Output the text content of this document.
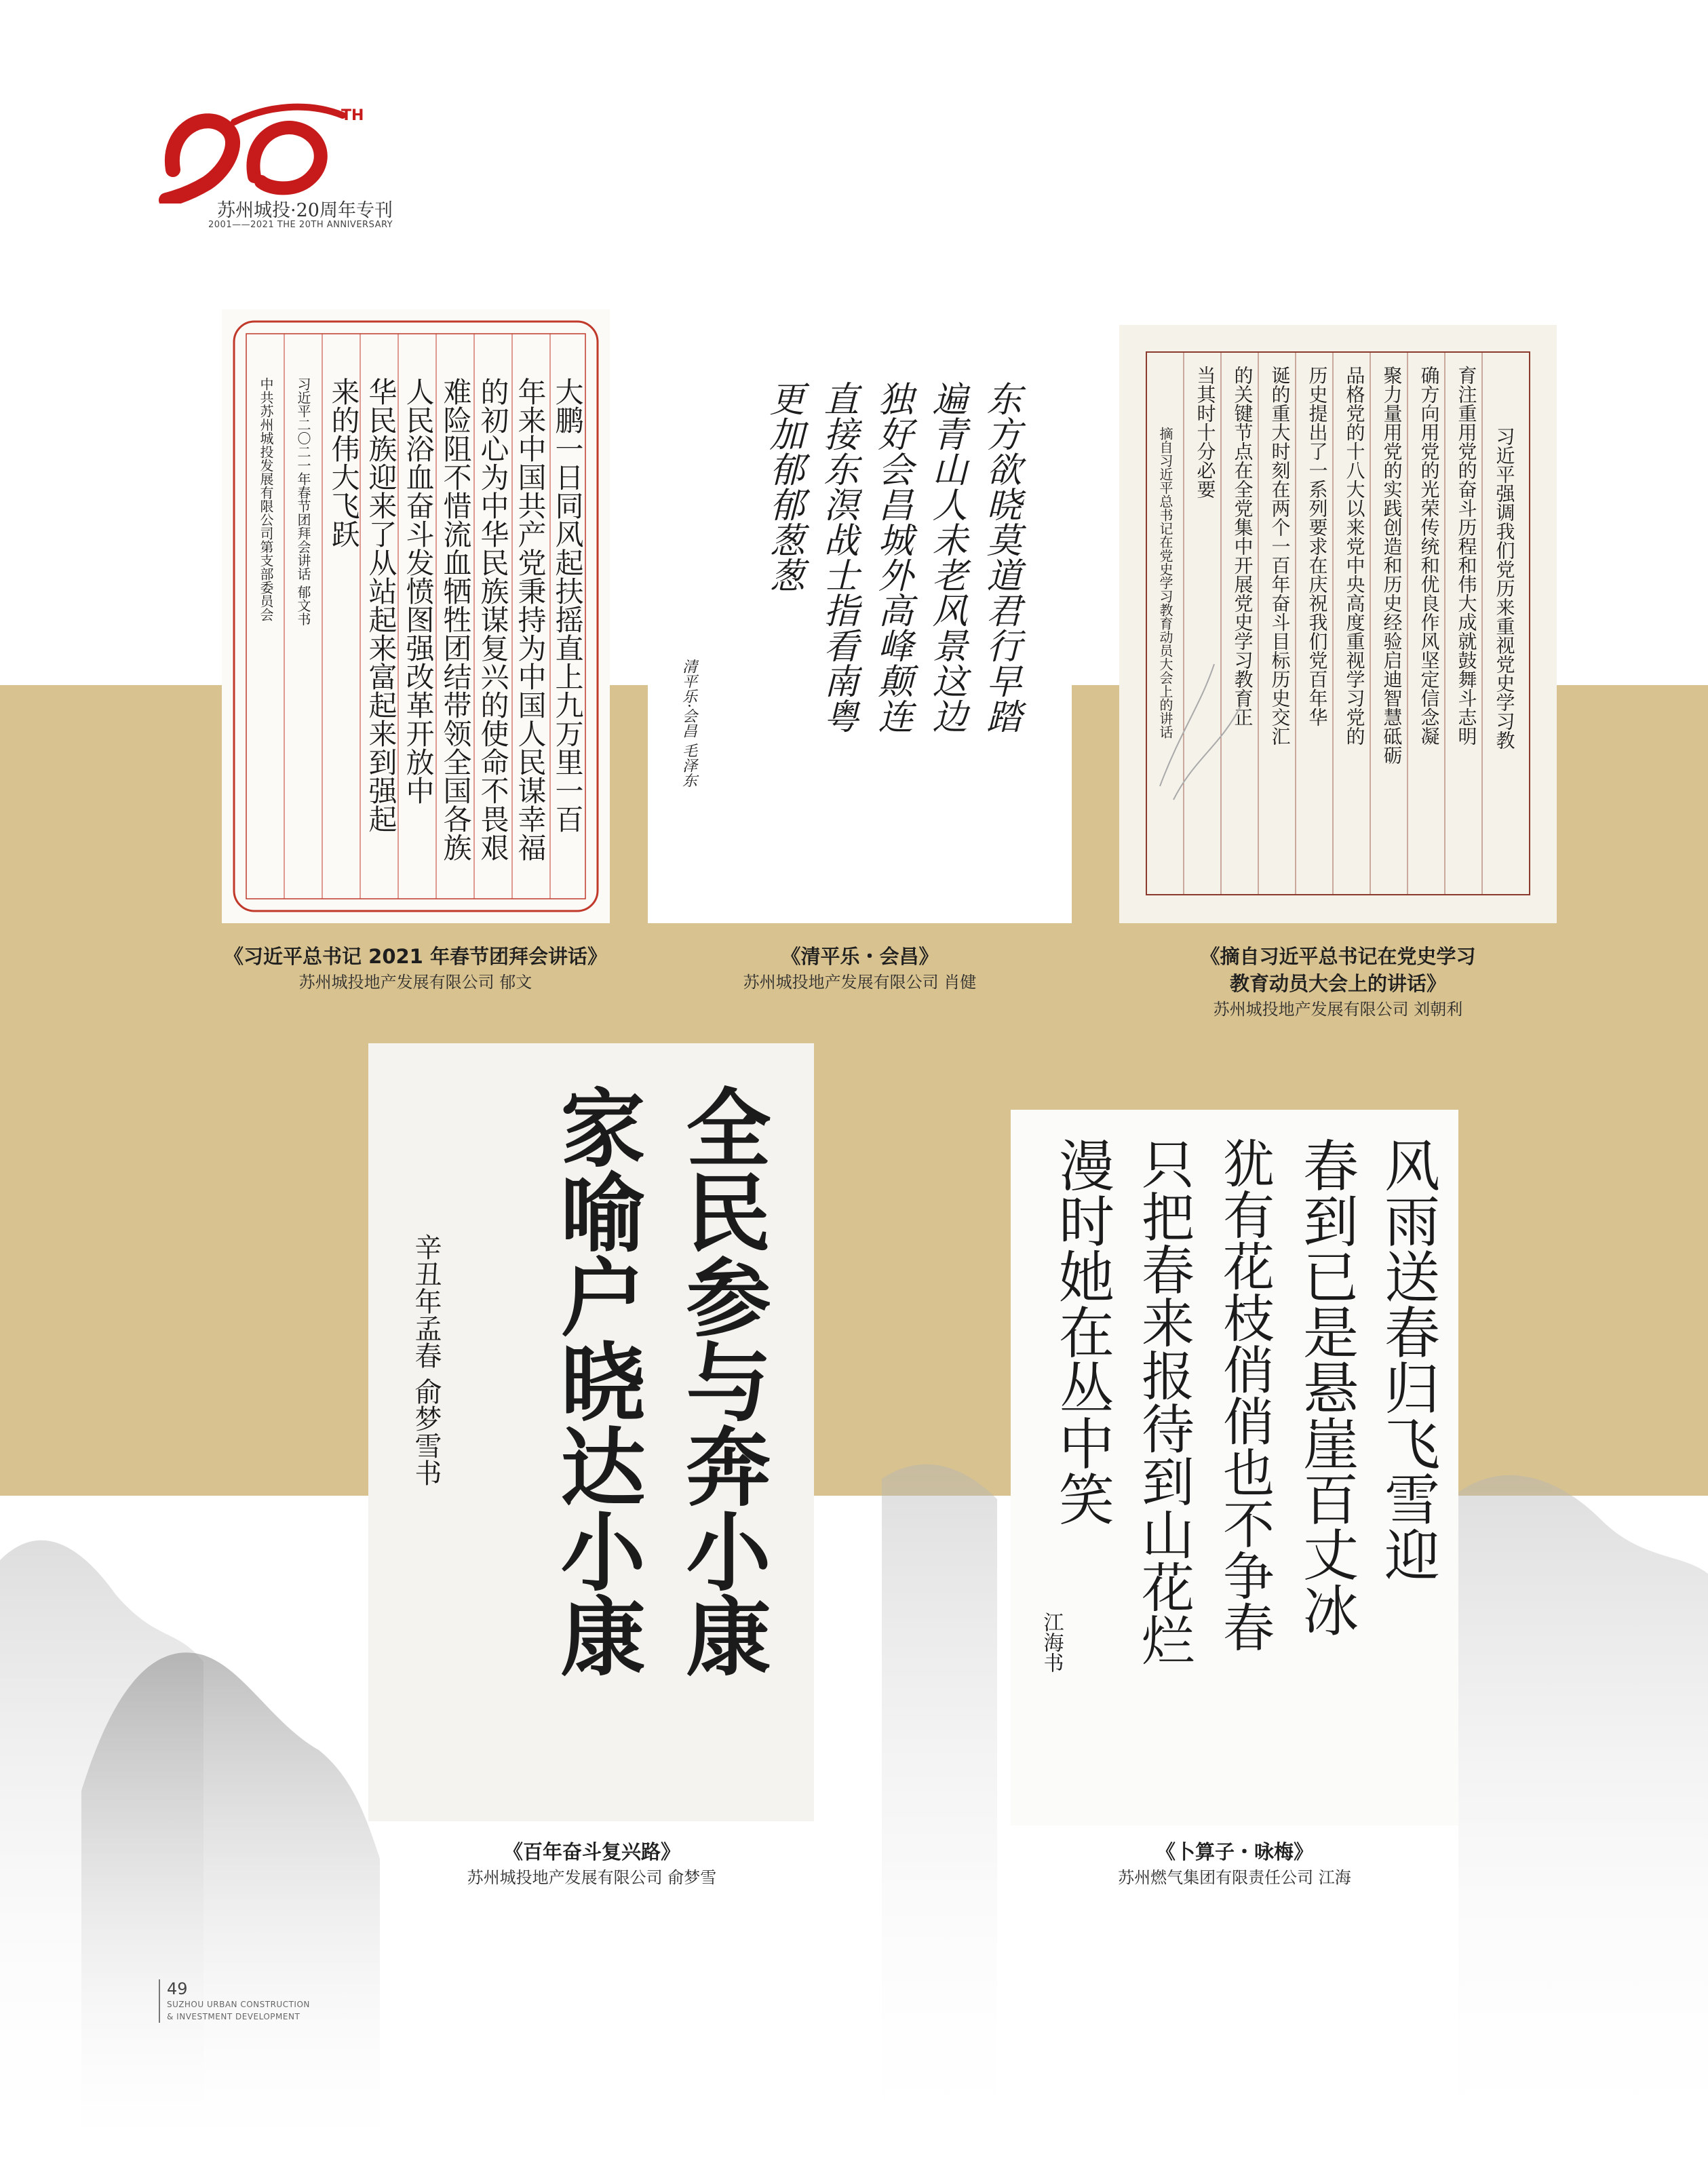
TH
苏州城投·20周年专刊
2001——2021 THE 20TH ANNIVERSARY
大鹏一日同风起扶摇直上九万里一百
年来中国共产党秉持为中国人民谋幸福
的初心为中华民族谋复兴的使命不畏艰
难险阻不惜流血牺牲团结带领全国各族
人民浴血奋斗发愤图强改革开放中
华民族迎来了从站起来富起来到强起
来的伟大飞跃
习近平二〇二一年春节团拜会讲话 郁文书
中共苏州城投发展有限公司第支部委员会	东方欲晓莫道君行早踏
遍青山人未老风景这边
独好会昌城外高峰颠连
直接东溟战士指看南粤
更加郁郁葱葱
清平乐·会昌 毛泽东	习近平强调我们党历来重视党史学习教
育注重用党的奋斗历程和伟大成就鼓舞斗志明
确方向用党的光荣传统和优良作风坚定信念凝
聚力量用党的实践创造和历史经验启迪智慧砥砺
品格党的十八大以来党中央高度重视学习党的
历史提出了一系列要求在庆祝我们党百年华
诞的重大时刻在两个一百年奋斗目标历史交汇
的关键节点在全党集中开展党史学习教育正
当其时十分必要
摘自习近平总书记在党史学习教育动员大会上的讲话
全民参与奔小康
家喻户晓达小康
辛丑年孟春 俞梦雪书	风雨送春归飞雪迎
春到已是悬崖百丈冰
犹有花枝俏俏也不争春
只把春来报待到山花烂
漫时她在丛中笑
江海书
《习近平总书记 2021 年春节团拜会讲话》
苏州城投地产发展有限公司 郁文
《清平乐・会昌》
苏州城投地产发展有限公司 肖健
《摘自习近平总书记在党史学习
教育动员大会上的讲话》
苏州城投地产发展有限公司 刘朝利
《百年奋斗复兴路》
苏州城投地产发展有限公司 俞梦雪
《卜算子・咏梅》
苏州燃气集团有限责任公司 江海
49
SUZHOU URBAN CONSTRUCTION
& INVESTMENT DEVELOPMENT
